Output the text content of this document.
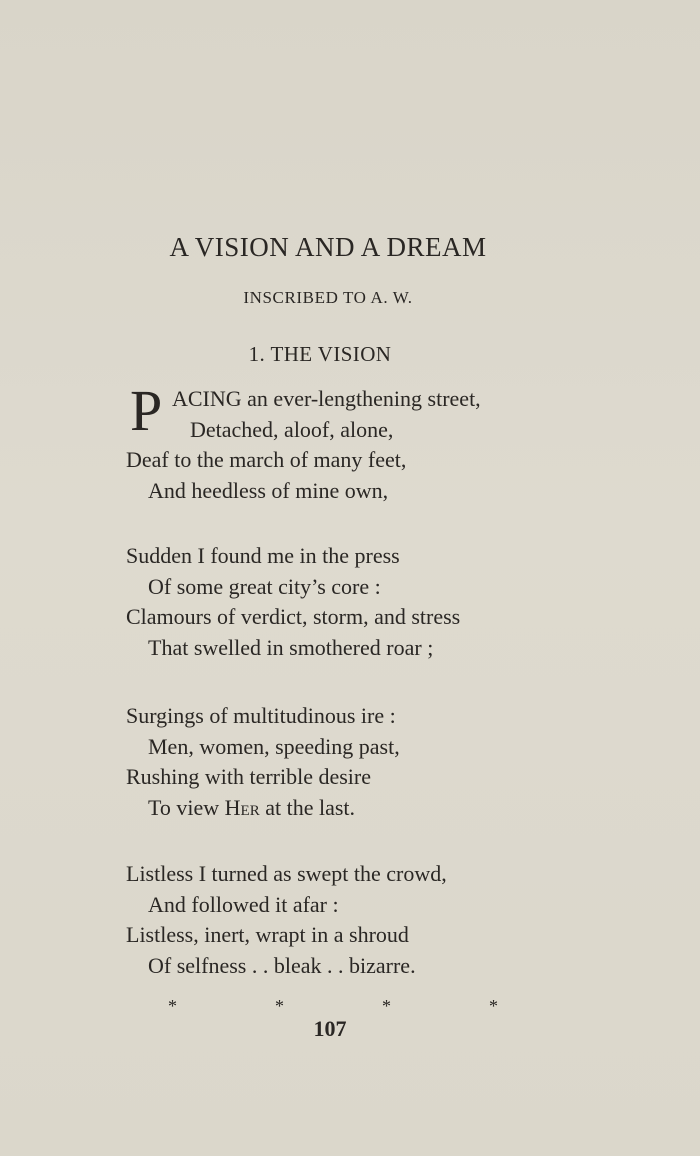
A VISION AND A DREAM
INSCRIBED TO A. W.
1. THE VISION
P ACING an ever-lengthening street,
Detached, aloof, alone,
Deaf to the march of many feet,
And heedless of mine own,
Sudden I found me in the press
Of some great city’s core :
Clamours of verdict, storm, and stress
That swelled in smothered roar ;
Surgings of multitudinous ire :
Men, women, speeding past,
Rushing with terrible desire
To view Her at the last.
Listless I turned as swept the crowd,
And followed it afar :
Listless, inert, wrapt in a shroud
Of selfness . . bleak . . bizarre.
*	*	*	*
107
